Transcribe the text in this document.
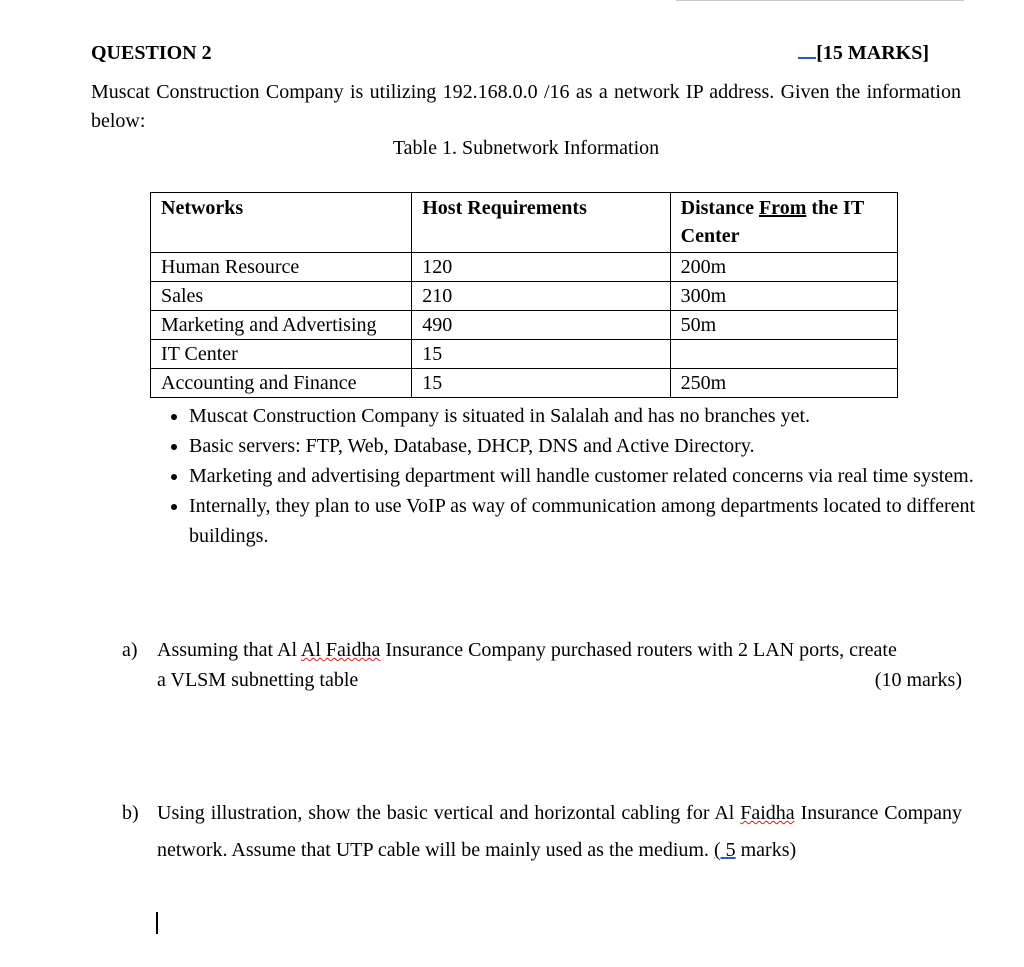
QUESTION 2	[15 MARKS]
Muscat Construction Company is utilizing 192.168.0.0 /16 as a network IP address. Given the information below:
Table 1. Subnetwork Information
Networks	Host Requirements	Distance From the IT Center
Human Resource	120	200m
Sales	210	300m
Marketing and Advertising	490	50m
IT Center	15	
Accounting and Finance	15	250m
• Muscat Construction Company is situated in Salalah and has no branches yet.
• Basic servers: FTP, Web, Database, DHCP, DNS and Active Directory.
• Marketing and advertising department will handle customer related concerns via real time system.
• Internally, they plan to use VoIP as way of communication among departments located to different buildings.
a) Assuming that Al Al Faidha Insurance Company purchased routers with 2 LAN ports, create
a VLSM subnetting table	(10 marks)
b) Using illustration, show the basic vertical and horizontal cabling for Al Faidha Insurance Company network. Assume that UTP cable will be mainly used as the medium. ( 5 marks)
